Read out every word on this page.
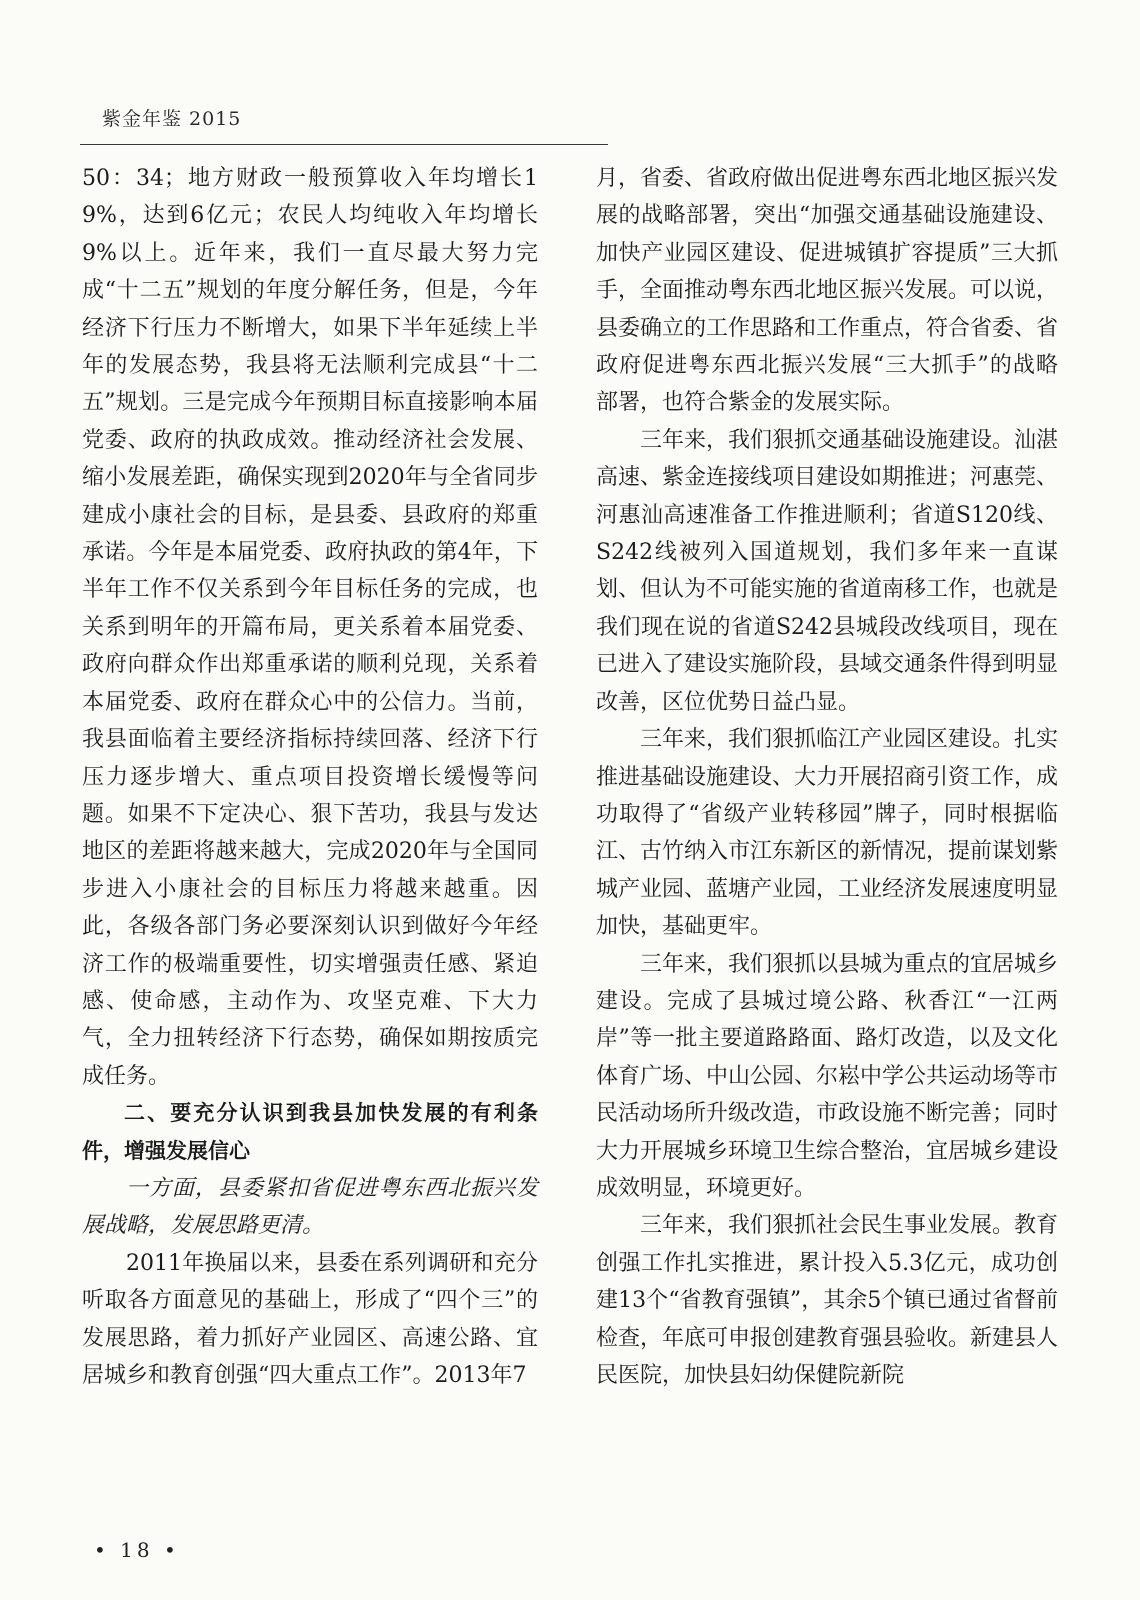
紫金年鉴 2015

50：34；地方财政一般预算收入年均增长19%，达到6亿元；农民人均纯收入年均增长9%以上。近年来，我们一直尽最大努力完成“十二五”规划的年度分解任务，但是，今年经济下行压力不断增大，如果下半年延续上半年的发展态势，我县将无法顺利完成县“十二五”规划。三是完成今年预期目标直接影响本届党委、政府的执政成效。推动经济社会发展、缩小发展差距，确保实现到2020年与全省同步建成小康社会的目标，是县委、县政府的郑重承诺。今年是本届党委、政府执政的第4年，下半年工作不仅关系到今年目标任务的完成，也关系到明年的开篇布局，更关系着本届党委、政府向群众作出郑重承诺的顺利兑现，关系着本届党委、政府在群众心中的公信力。当前，我县面临着主要经济指标持续回落、经济下行压力逐步增大、重点项目投资增长缓慢等问题。如果不下定决心、狠下苦功，我县与发达地区的差距将越来越大，完成2020年与全国同步进入小康社会的目标压力将越来越重。因此，各级各部门务必要深刻认识到做好今年经济工作的极端重要性，切实增强责任感、紧迫感、使命感，主动作为、攻坚克难、下大力气，全力扭转经济下行态势，确保如期按质完成任务。

二、要充分认识到我县加快发展的有利条件，增强发展信心

一方面，县委紧扣省促进粤东西北振兴发展战略，发展思路更清。

2011年换届以来，县委在系列调研和充分听取各方面意见的基础上，形成了“四个三”的发展思路，着力抓好产业园区、高速公路、宜居城乡和教育创强“四大重点工作”。2013年7

月，省委、省政府做出促进粤东西北地区振兴发展的战略部署，突出“加强交通基础设施建设、加快产业园区建设、促进城镇扩容提质”三大抓手，全面推动粤东西北地区振兴发展。可以说，县委确立的工作思路和工作重点，符合省委、省政府促进粤东西北振兴发展“三大抓手”的战略部署，也符合紫金的发展实际。

三年来，我们狠抓交通基础设施建设。汕湛高速、紫金连接线项目建设如期推进；河惠莞、河惠汕高速准备工作推进顺利；省道S120线、S242线被列入国道规划，我们多年来一直谋划、但认为不可能实施的省道南移工作，也就是我们现在说的省道S242县城段改线项目，现在已进入了建设实施阶段，县域交通条件得到明显改善，区位优势日益凸显。

三年来，我们狠抓临江产业园区建设。扎实推进基础设施建设、大力开展招商引资工作，成功取得了“省级产业转移园”牌子，同时根据临江、古竹纳入市江东新区的新情况，提前谋划紫城产业园、蓝塘产业园，工业经济发展速度明显加快，基础更牢。

三年来，我们狠抓以县城为重点的宜居城乡建设。完成了县城过境公路、秋香江“一江两岸”等一批主要道路路面、路灯改造，以及文化体育广场、中山公园、尔崧中学公共运动场等市民活动场所升级改造，市政设施不断完善；同时大力开展城乡环境卫生综合整治，宜居城乡建设成效明显，环境更好。

三年来，我们狠抓社会民生事业发展。教育创强工作扎实推进，累计投入5.3亿元，成功创建13个“省教育强镇”，其余5个镇已通过省督前检查，年底可申报创建教育强县验收。新建县人民医院，加快县妇幼保健院新院

• 18 •
